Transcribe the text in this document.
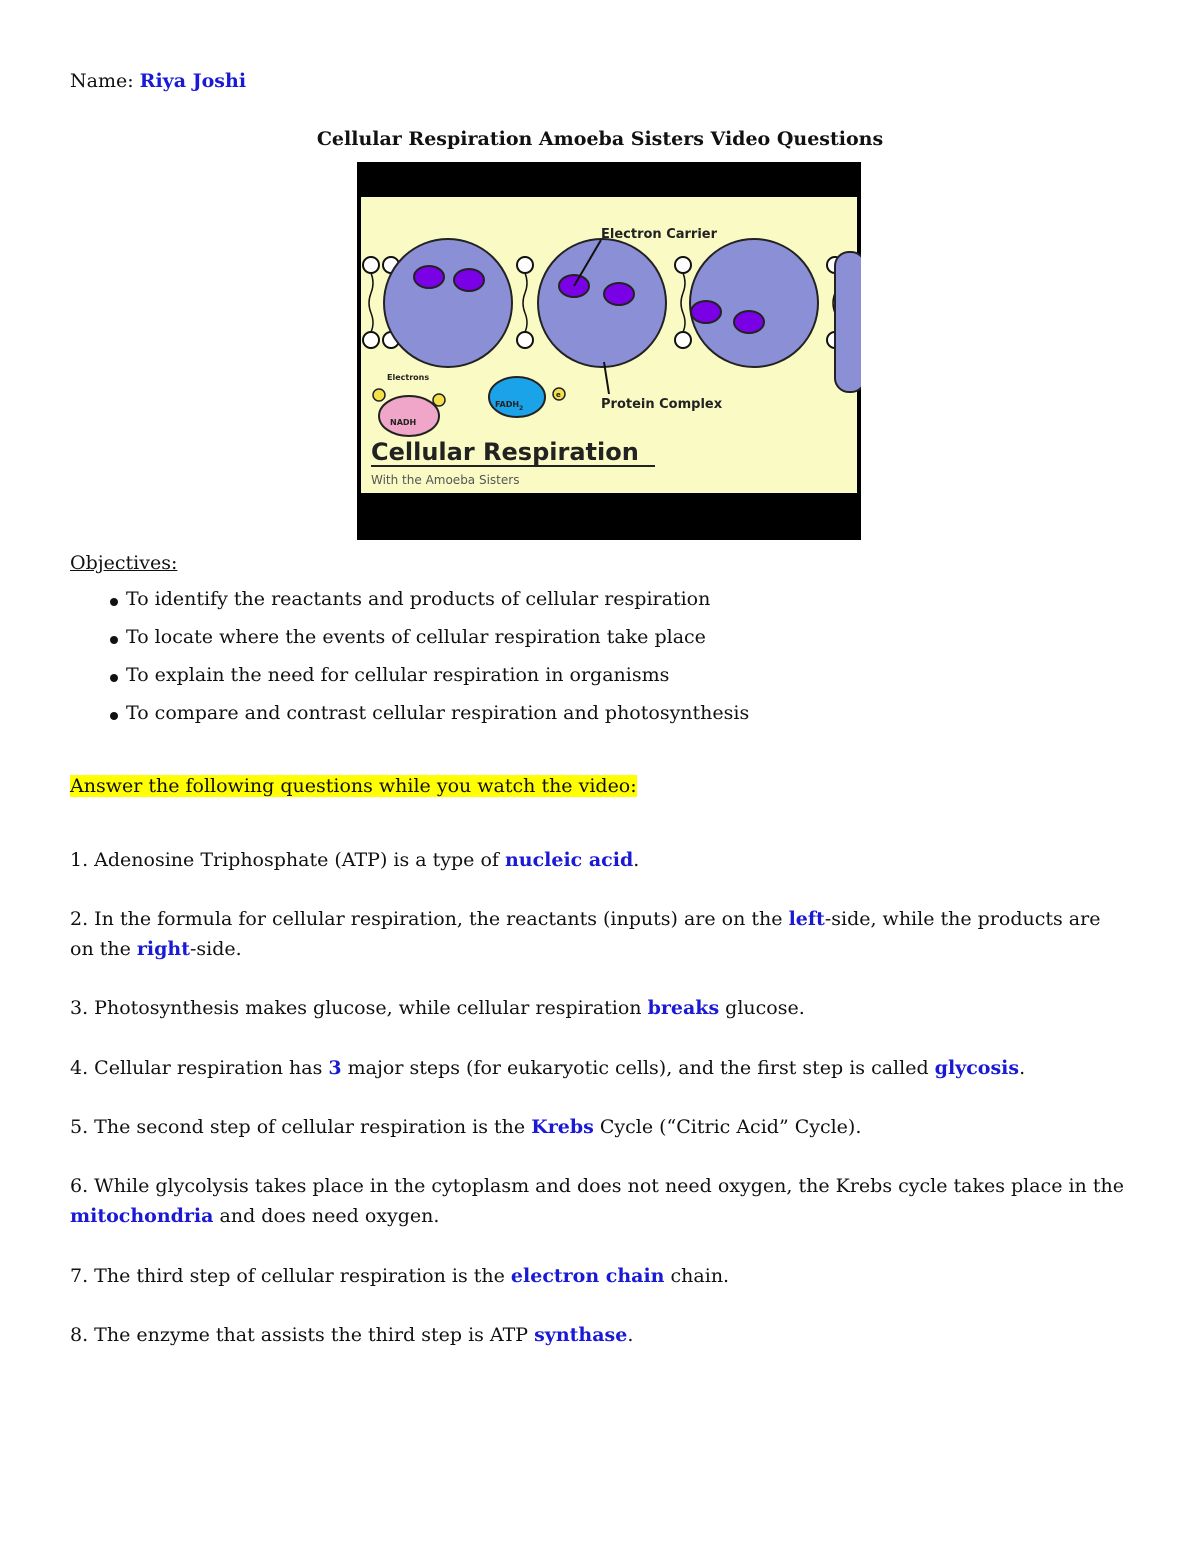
Name: Riya Joshi
Cellular Respiration Amoeba Sisters Video Questions
Electron Carrier
Protein Complex
NADH
Electrons
FADH 2
e
Cellular Respiration
With the Amoeba Sisters
Objectives:
To identify the reactants and products of cellular respiration
To locate where the events of cellular respiration take place
To explain the need for cellular respiration in organisms
To compare and contrast cellular respiration and photosynthesis
Answer the following questions while you watch the video:
1. Adenosine Triphosphate (ATP) is a type of nucleic acid.
2. In the formula for cellular respiration, the reactants (inputs) are on the left-side, while the products are on the right-side.
3. Photosynthesis makes glucose, while cellular respiration breaks glucose.
4. Cellular respiration has 3 major steps (for eukaryotic cells), and the first step is called glycosis.
5. The second step of cellular respiration is the Krebs Cycle (“Citric Acid” Cycle).
6. While glycolysis takes place in the cytoplasm and does not need oxygen, the Krebs cycle takes place in the mitochondria and does need oxygen.
7. The third step of cellular respiration is the electron chain chain.
8. The enzyme that assists the third step is ATP synthase.
